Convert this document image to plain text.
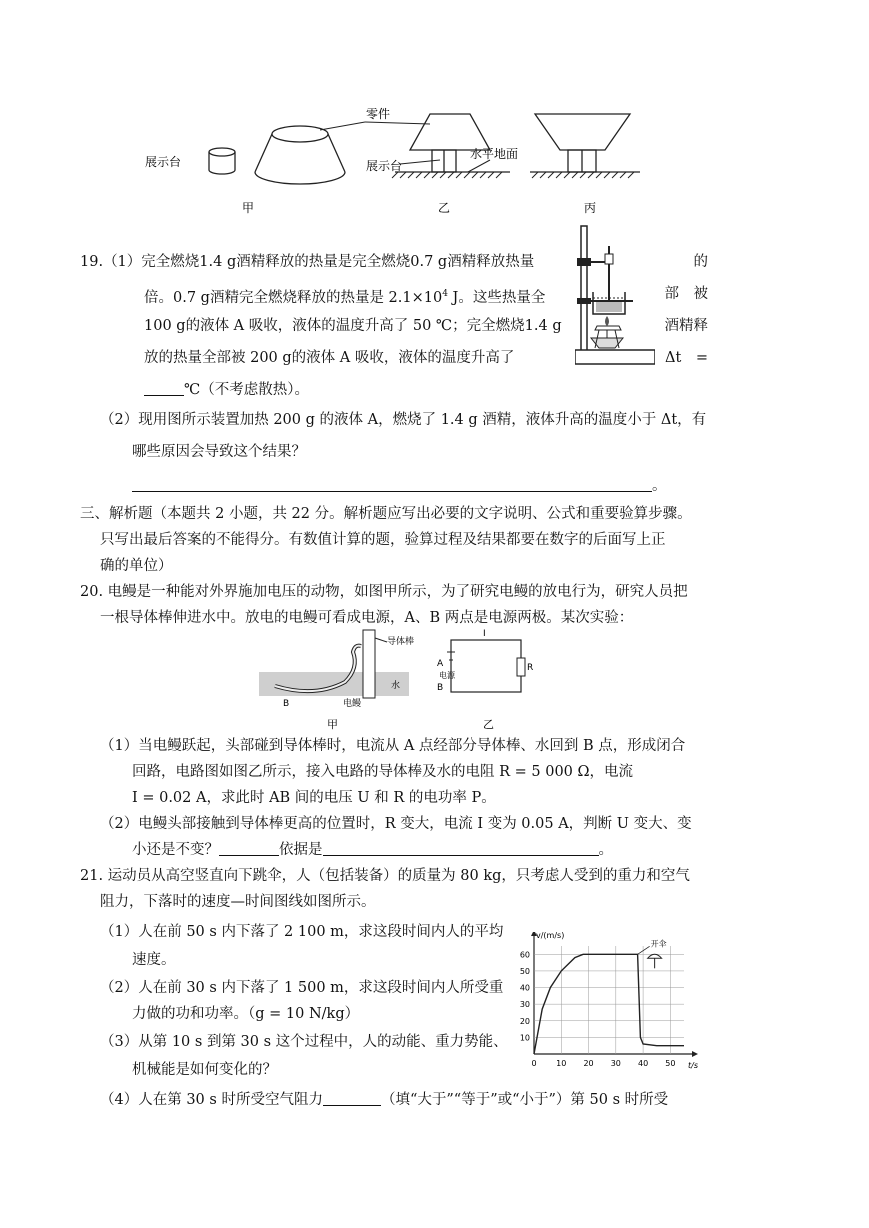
展示台
零件
展示台
水平地面
甲	乙	丙
19.（1）完全燃烧1.4 g酒精释放的热量是完全燃烧0.7 g酒精释放热量	的
倍。0.7 g酒精完全燃烧释放的热量是 $2.1\times 10^4$ J。这些热量全	部　被
100 g的液体 A 吸收，液体的温度升高了 50 ℃；完全燃烧1.4 g	酒精释
放的热量全部被 200 g的液体 A 吸收，液体的温度升高了	Δt　=
℃（不考虑散热）。
（2）现用图所示装置加热 200 g 的液体 A，燃烧了 1.4 g 酒精，液体升高的温度小于 Δt，有
哪些原因会导致这个结果？
。
三、解析题（本题共 2 小题，共 22 分。解析题应写出必要的文字说明、公式和重要验算步骤。
只写出最后答案的不能得分。有数值计算的题，验算过程及结果都要在数字的后面写上正
确的单位）
20. 电鳗是一种能对外界施加电压的动物，如图甲所示，为了研究电鳗的放电行为，研究人员把
一根导体棒伸进水中。放电的电鳗可看成电源，A、B 两点是电源两极。某次实验：
导体棒
水
电鳗
B
甲
I
A
电源
B
R
乙
（1）当电鳗跃起，头部碰到导体棒时，电流从 A 点经部分导体棒、水回到 B 点，形成闭合
回路，电路图如图乙所示，接入电路的导体棒及水的电阻 R = 5 000 Ω，电流
I = 0.02 A，求此时 AB 间的电压 U 和 R 的电功率 P。
（2）电鳗头部接触到导体棒更高的位置时，R 变大，电流 I 变为 0.05 A，判断 U 变大、变
小还是不变？	依据是	。
21. 运动员从高空竖直向下跳伞，人（包括装备）的质量为 80 kg，只考虑人受到的重力和空气
阻力，下落时的速度—时间图线如图所示。
（1）人在前 50 s 内下落了 2 100 m，求这段时间内人的平均
速度。
（2）人在前 30 s 内下落了 1 500 m，求这段时间内人所受重
力做的功和功率。（g = 10 N/kg）
（3）从第 10 s 到第 30 s 这个过程中，人的动能、重力势能、
机械能是如何变化的？
（4）人在第 30 s 时所受空气阻力	（填“大于”“等于”或“小于”）第 50 s 时所受
v/(m/s)
t/s
10
20
30
40
50
60
0 10 20 30 40 50
开伞
